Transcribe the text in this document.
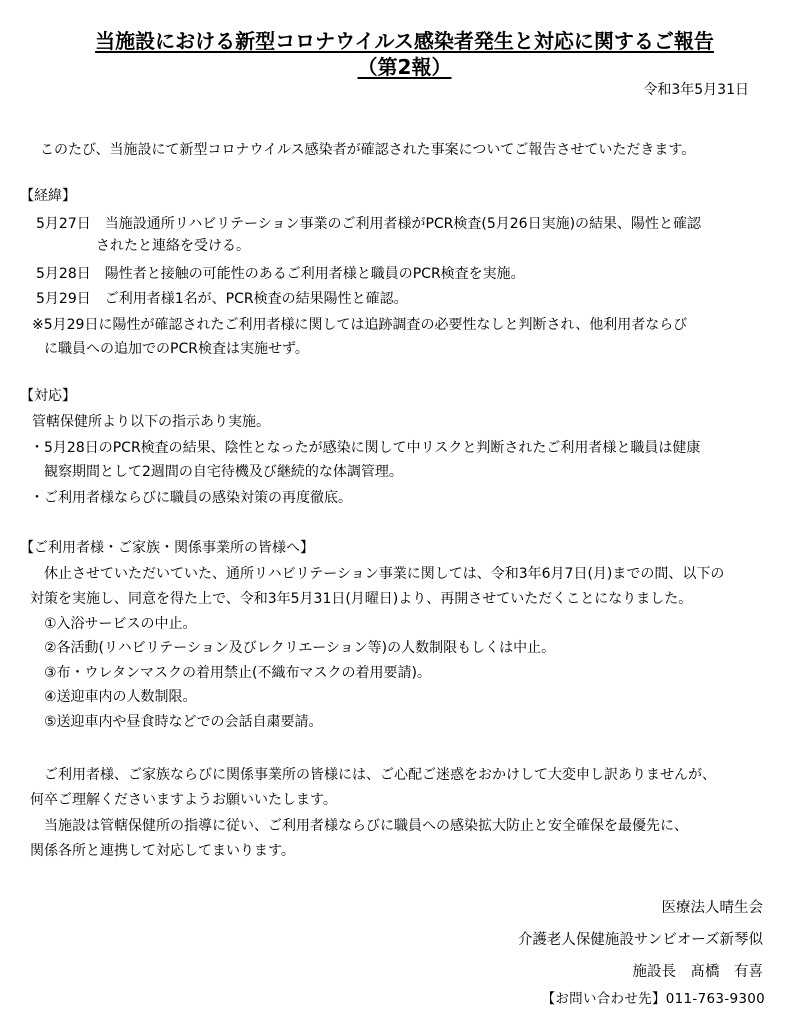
当施設における新型コロナウイルス感染者発生と対応に関するご報告
（第2報）
令和3年5月31日
このたび、当施設にて新型コロナウイルス感染者が確認された事案についてご報告させていただきます。
【経緯】
5月27日　当施設通所リハビリテーション事業のご利用者様がPCR検査(5月26日実施)の結果、陽性と確認
されたと連絡を受ける。
5月28日　陽性者と接触の可能性のあるご利用者様と職員のPCR検査を実施。
5月29日　ご利用者様1名が、PCR検査の結果陽性と確認。
※5月29日に陽性が確認されたご利用者様に関しては追跡調査の必要性なしと判断され、他利用者ならび
に職員への追加でのPCR検査は実施せず。
【対応】
管轄保健所より以下の指示あり実施。
・5月28日のPCR検査の結果、陰性となったが感染に関して中リスクと判断されたご利用者様と職員は健康
観察期間として2週間の自宅待機及び継続的な体調管理。
・ご利用者様ならびに職員の感染対策の再度徹底。
【ご利用者様・ご家族・関係事業所の皆様へ】
休止させていただいていた、通所リハビリテーション事業に関しては、令和3年6月7日(月)までの間、以下の
対策を実施し、同意を得た上で、令和3年5月31日(月曜日)より、再開させていただくことになりました。
①入浴サービスの中止。
②各活動(リハビリテーション及びレクリエーション等)の人数制限もしくは中止。
③布・ウレタンマスクの着用禁止(不織布マスクの着用要請)。
④送迎車内の人数制限。
⑤送迎車内や昼食時などでの会話自粛要請。
ご利用者様、ご家族ならびに関係事業所の皆様には、ご心配ご迷惑をおかけして大変申し訳ありませんが、
何卒ご理解くださいますようお願いいたします。
当施設は管轄保健所の指導に従い、ご利用者様ならびに職員への感染拡大防止と安全確保を最優先に、
関係各所と連携して対応してまいります。
医療法人晴生会
介護老人保健施設サンビオーズ新琴似
施設長　髙橋　有喜
【お問い合わせ先】011-763-9300
